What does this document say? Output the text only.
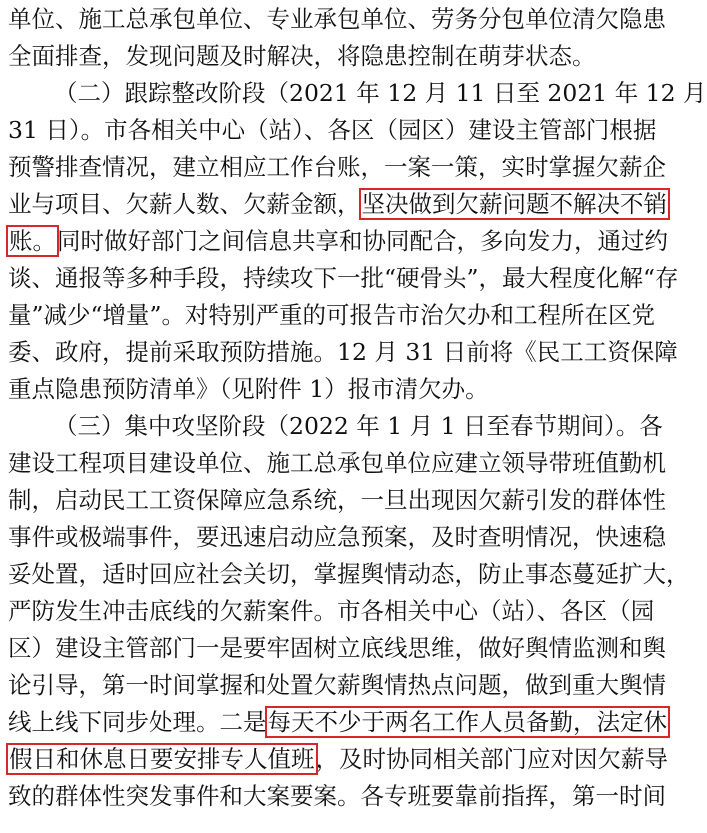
单位、施工总承包单位、专业承包单位、劳务分包单位清欠隐患
全面排查，发现问题及时解决，将隐患控制在萌芽状态。
（二）跟踪整改阶段（2021 年 12 月 11 日至 2021 年 12 月
31 日）。市各相关中心（站）、各区（园区）建设主管部门根据
预警排查情况，建立相应工作台账，一案一策，实时掌握欠薪企
业与项目、欠薪人数、欠薪金额，坚决做到欠薪问题不解决不销
账。同时做好部门之间信息共享和协同配合，多向发力，通过约
谈、通报等多种手段，持续攻下一批“硬骨头”，最大程度化解“存
量”减少“增量”。对特别严重的可报告市治欠办和工程所在区党
委、政府，提前采取预防措施。12 月 31 日前将《民工工资保障
重点隐患预防清单》（见附件 1）报市清欠办。
（三）集中攻坚阶段（2022 年 1 月 1 日至春节期间）。各
建设工程项目建设单位、施工总承包单位应建立领导带班值勤机
制，启动民工工资保障应急系统，一旦出现因欠薪引发的群体性
事件或极端事件，要迅速启动应急预案，及时查明情况，快速稳
妥处置，适时回应社会关切，掌握舆情动态，防止事态蔓延扩大，
严防发生冲击底线的欠薪案件。市各相关中心（站）、各区（园
区）建设主管部门一是要牢固树立底线思维，做好舆情监测和舆
论引导，第一时间掌握和处置欠薪舆情热点问题，做到重大舆情
线上线下同步处理。二是每天不少于两名工作人员备勤，法定休
假日和休息日要安排专人值班，及时协同相关部门应对因欠薪导
致的群体性突发事件和大案要案。各专班要靠前指挥，第一时间
